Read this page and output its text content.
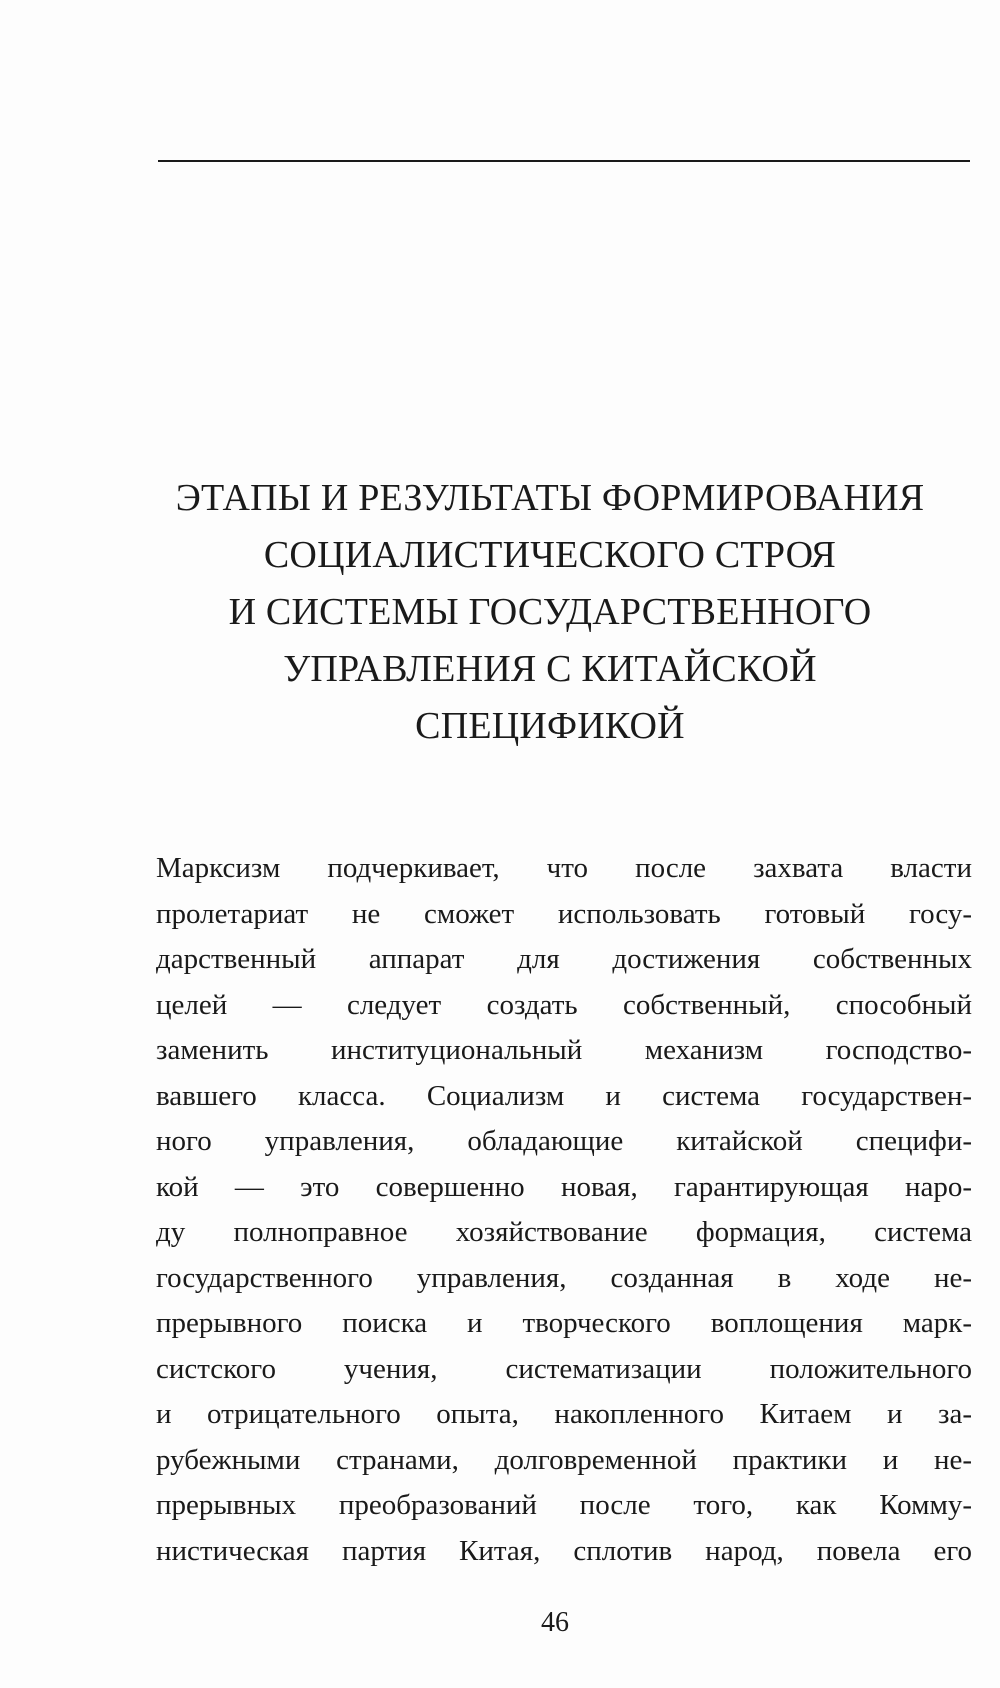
ЭТАПЫ И РЕЗУЛЬТАТЫ ФОРМИРОВАНИЯ
СОЦИАЛИСТИЧЕСКОГО СТРОЯ
И СИСТЕМЫ ГОСУДАРСТВЕННОГО
УПРАВЛЕНИЯ С КИТАЙСКОЙ
СПЕЦИФИКОЙ

Марксизм подчеркивает, что после захвата власти
пролетариат не сможет использовать готовый госу-
дарственный аппарат для достижения собственных
целей — следует создать собственный, способный
заменить институциональный механизм господство-
вавшего класса. Социализм и система государствен-
ного управления, обладающие китайской специфи-
кой — это совершенно новая, гарантирующая наро-
ду полноправное хозяйствование формация, система
государственного управления, созданная в ходе не-
прерывного поиска и творческого воплощения марк-
систского учения, систематизации положительного
и отрицательного опыта, накопленного Китаем и за-
рубежными странами, долговременной практики и не-
прерывных преобразований после того, как Комму-
нистическая партия Китая, сплотив народ, повела его

46
